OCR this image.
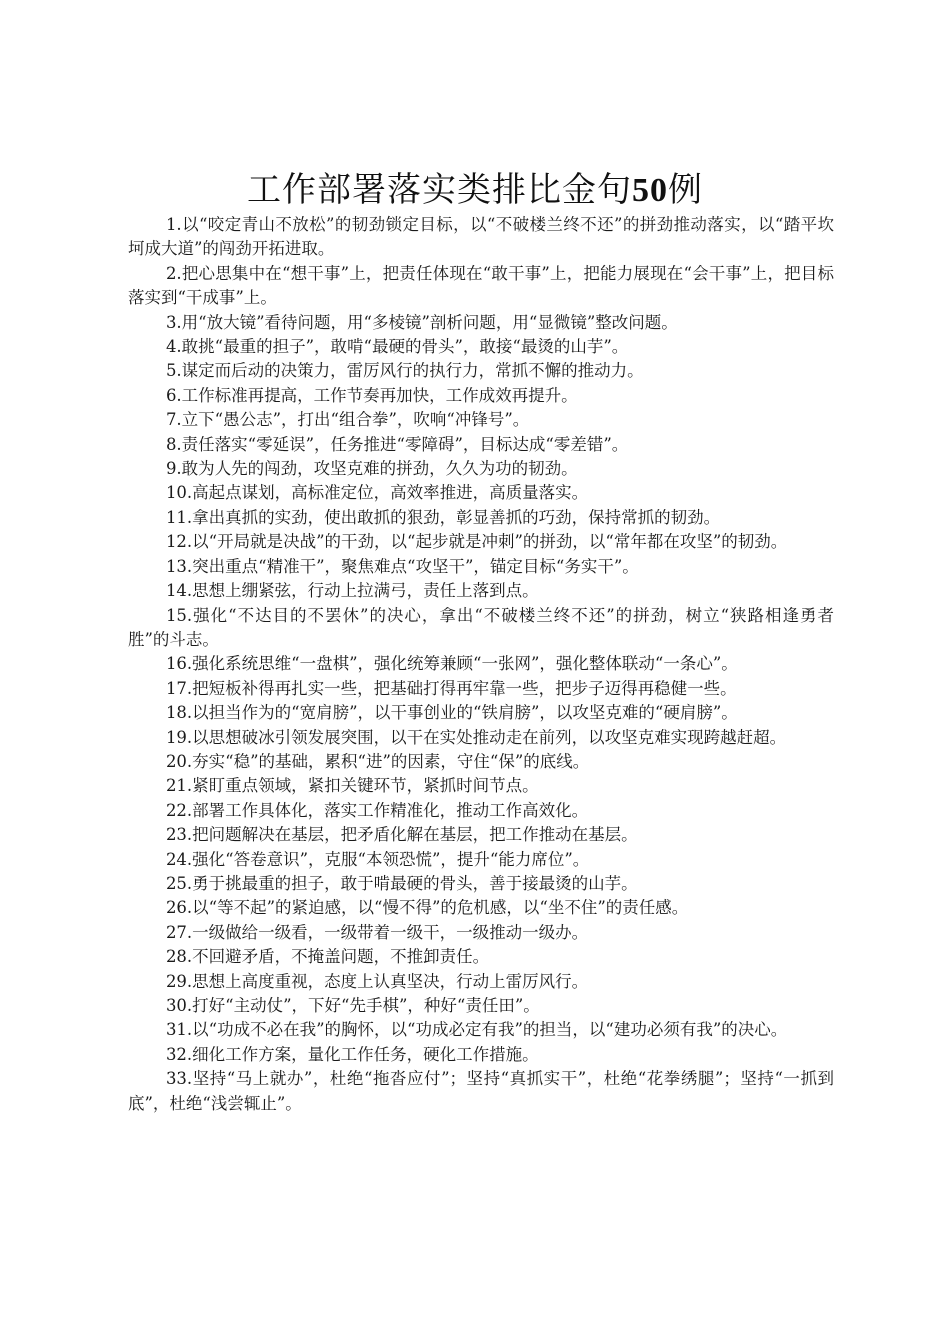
工作部署落实类排比金句50例

1.以“咬定青山不放松”的韧劲锁定目标，以“不破楼兰终不还”的拼劲推动落实，以“踏平坎坷成大道”的闯劲开拓进取。

2.把心思集中在“想干事”上，把责任体现在“敢干事”上，把能力展现在“会干事”上，把目标落实到“干成事”上。

3.用“放大镜”看待问题，用“多棱镜”剖析问题，用“显微镜”整改问题。

4.敢挑“最重的担子”，敢啃“最硬的骨头”，敢接“最烫的山芋”。

5.谋定而后动的决策力，雷厉风行的执行力，常抓不懈的推动力。

6.工作标准再提高，工作节奏再加快，工作成效再提升。

7.立下“愚公志”，打出“组合拳”，吹响“冲锋号”。

8.责任落实“零延误”，任务推进“零障碍”，目标达成“零差错”。

9.敢为人先的闯劲，攻坚克难的拼劲，久久为功的韧劲。

10.高起点谋划，高标准定位，高效率推进，高质量落实。

11.拿出真抓的实劲，使出敢抓的狠劲，彰显善抓的巧劲，保持常抓的韧劲。

12.以“开局就是决战”的干劲，以“起步就是冲刺”的拼劲，以“常年都在攻坚”的韧劲。

13.突出重点“精准干”，聚焦难点“攻坚干”，锚定目标“务实干”。

14.思想上绷紧弦，行动上拉满弓，责任上落到点。

15.强化“不达目的不罢休”的决心，拿出“不破楼兰终不还”的拼劲，树立“狭路相逢勇者胜”的斗志。

16.强化系统思维“一盘棋”，强化统筹兼顾“一张网”，强化整体联动“一条心”。

17.把短板补得再扎实一些，把基础打得再牢靠一些，把步子迈得再稳健一些。

18.以担当作为的“宽肩膀”，以干事创业的“铁肩膀”，以攻坚克难的“硬肩膀”。

19.以思想破冰引领发展突围，以干在实处推动走在前列，以攻坚克难实现跨越赶超。

20.夯实“稳”的基础，累积“进”的因素，守住“保”的底线。

21.紧盯重点领域，紧扣关键环节，紧抓时间节点。

22.部署工作具体化，落实工作精准化，推动工作高效化。

23.把问题解决在基层，把矛盾化解在基层，把工作推动在基层。

24.强化“答卷意识”，克服“本领恐慌”，提升“能力席位”。

25.勇于挑最重的担子，敢于啃最硬的骨头，善于接最烫的山芋。

26.以“等不起”的紧迫感，以“慢不得”的危机感，以“坐不住”的责任感。

27.一级做给一级看，一级带着一级干，一级推动一级办。

28.不回避矛盾，不掩盖问题，不推卸责任。

29.思想上高度重视，态度上认真坚决，行动上雷厉风行。

30.打好“主动仗”，下好“先手棋”，种好“责任田”。

31.以“功成不必在我”的胸怀，以“功成必定有我”的担当，以“建功必须有我”的决心。

32.细化工作方案，量化工作任务，硬化工作措施。

33.坚持“马上就办”，杜绝“拖沓应付”；坚持“真抓实干”，杜绝“花拳绣腿”；坚持“一抓到底”，杜绝“浅尝辄止”。
